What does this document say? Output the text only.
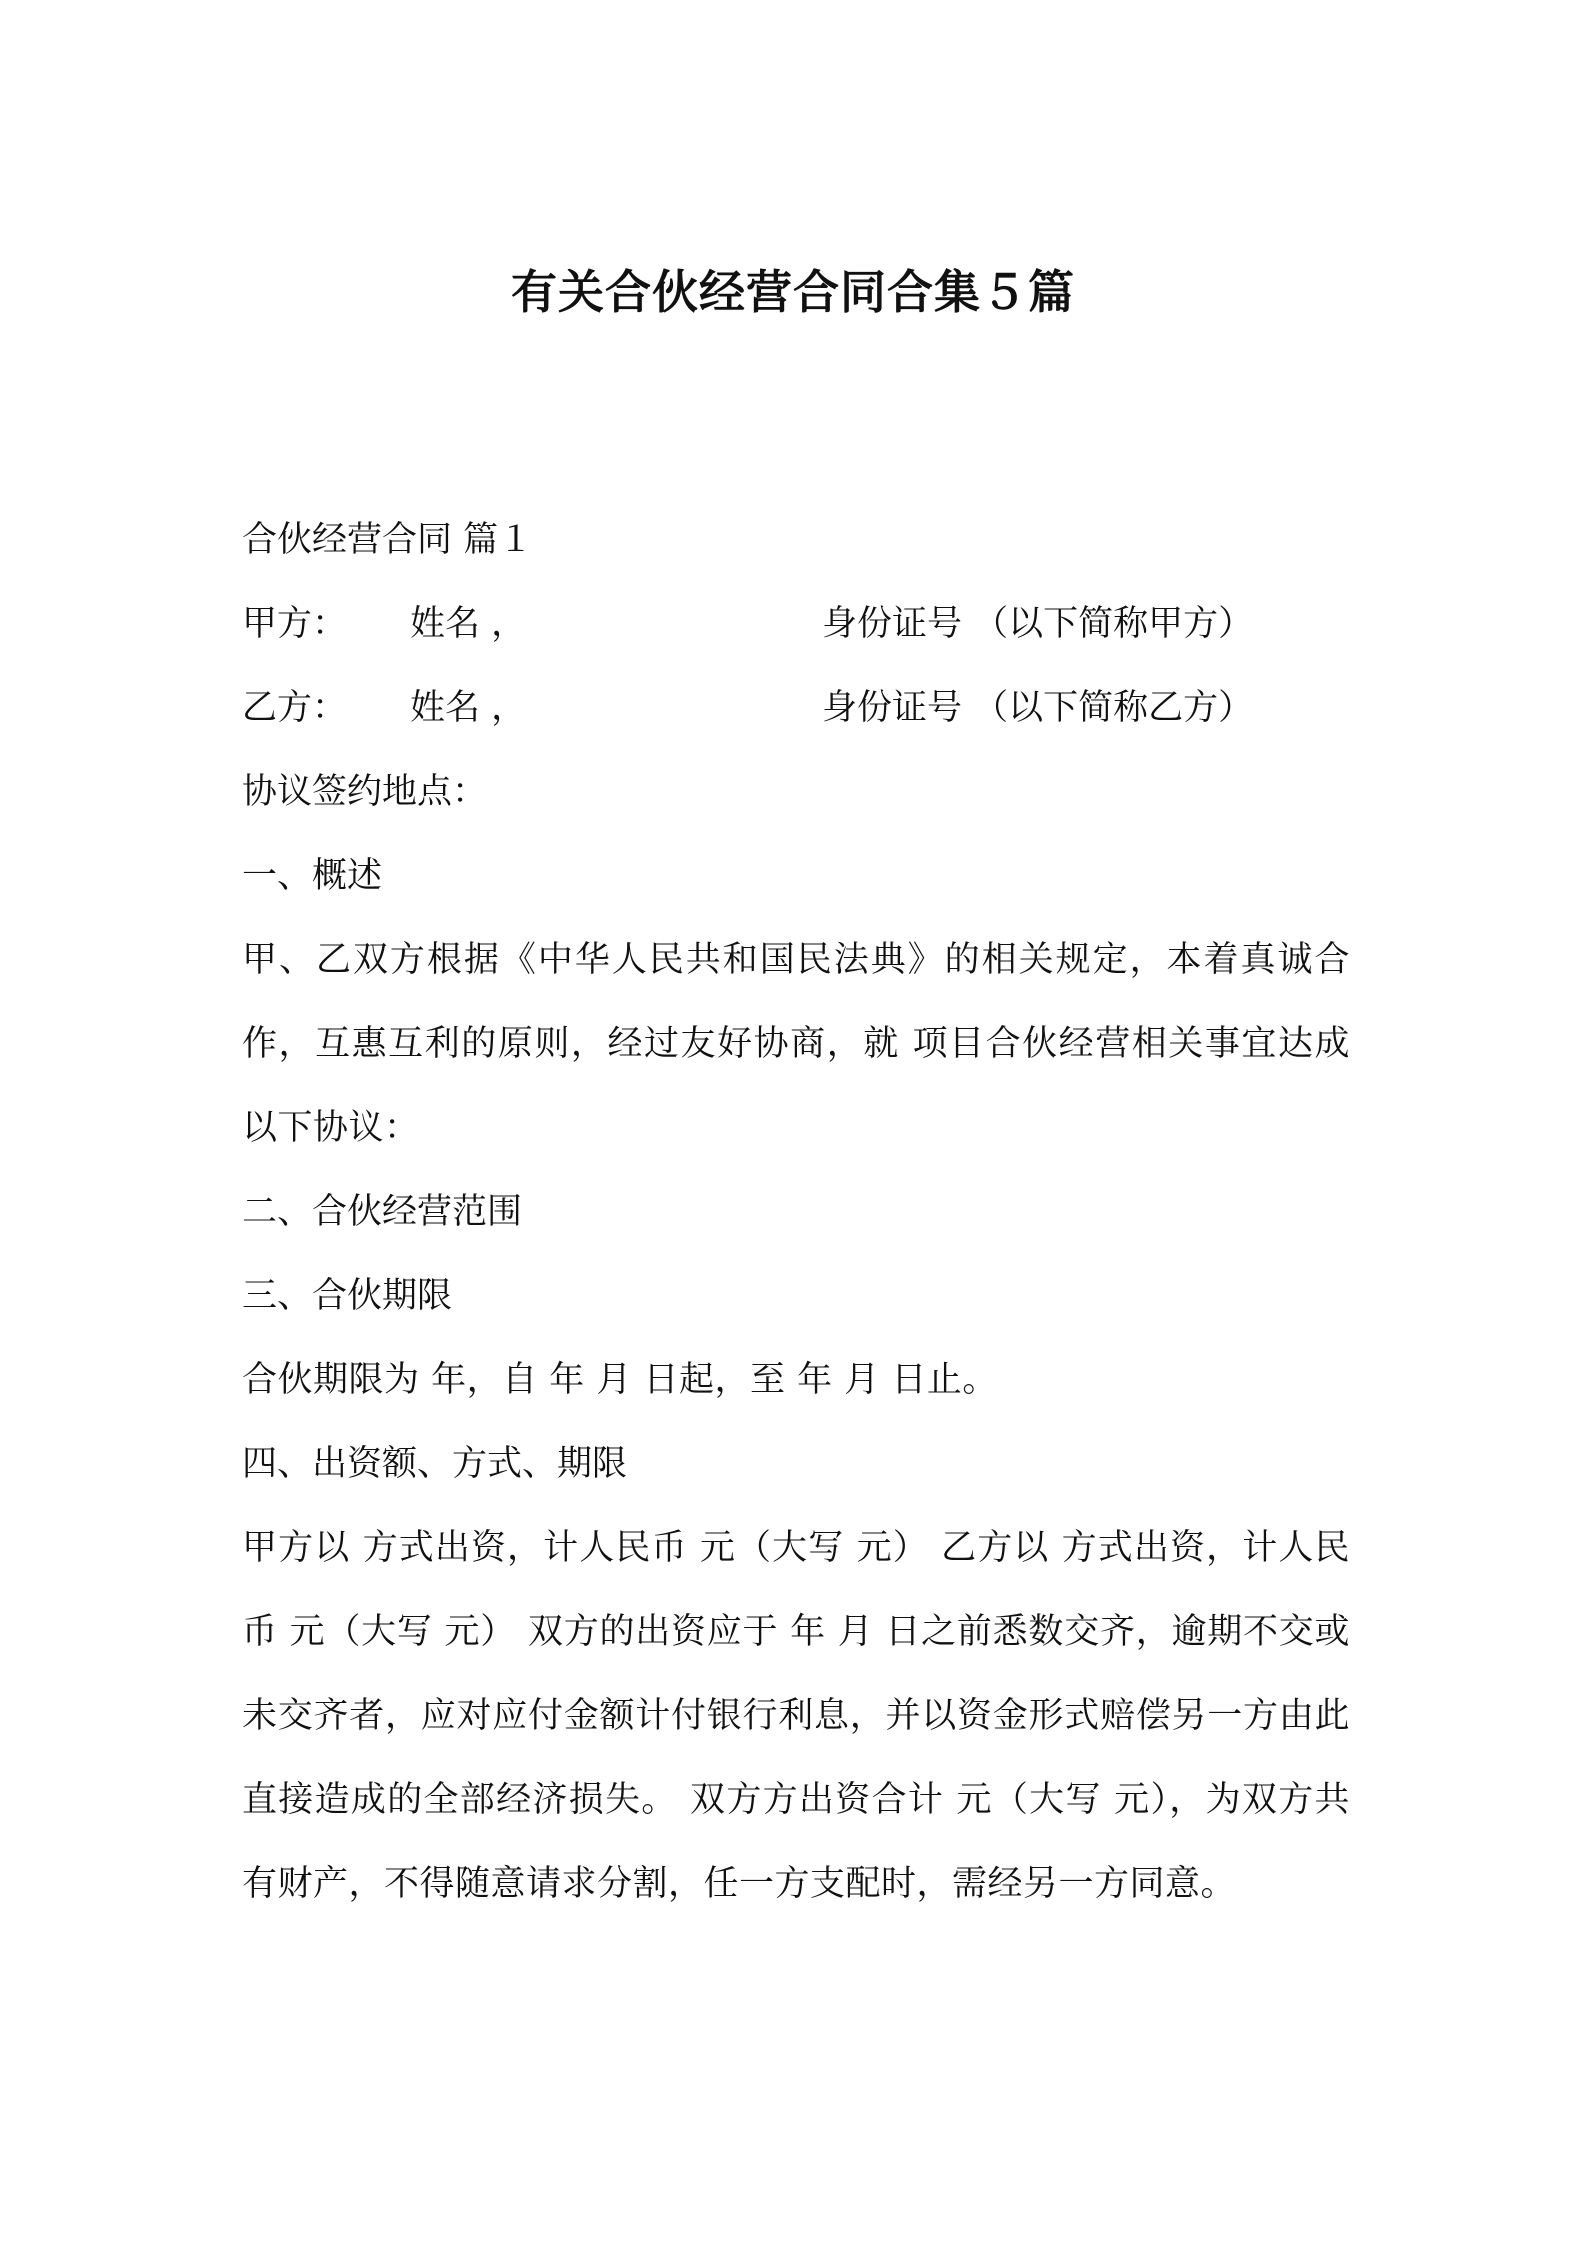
有关合伙经营合同合集５篇
合伙经营合同 篇１
甲方： 姓名 ，	身份证号 （以下简称甲方）
乙方： 姓名 ，	身份证号 （以下简称乙方）
协议签约地点：
一、概述

甲、乙双方根据《中华人民共和国民法典》的相关规定，本着真诚合作，互惠互利的原则，经过友好协商，就 项目合伙经营相关事宜达成以下协议：

二、合伙经营范围
三、合伙期限

合伙期限为 年，自 年 月 日起，至 年 月 日止。

四、出资额、方式、期限

甲方以 方式出资，计人民币 元（大写 元） 乙方以 方式出资，计人民币 元（大写 元） 双方的出资应于 年 月 日之前悉数交齐，逾期不交或未交齐者，应对应付金额计付银行利息，并以资金形式赔偿另一方由此直接造成的全部经济损失。 双方方出资合计 元（大写 元），为双方共有财产，不得随意请求分割，任一方支配时，需经另一方同意。
